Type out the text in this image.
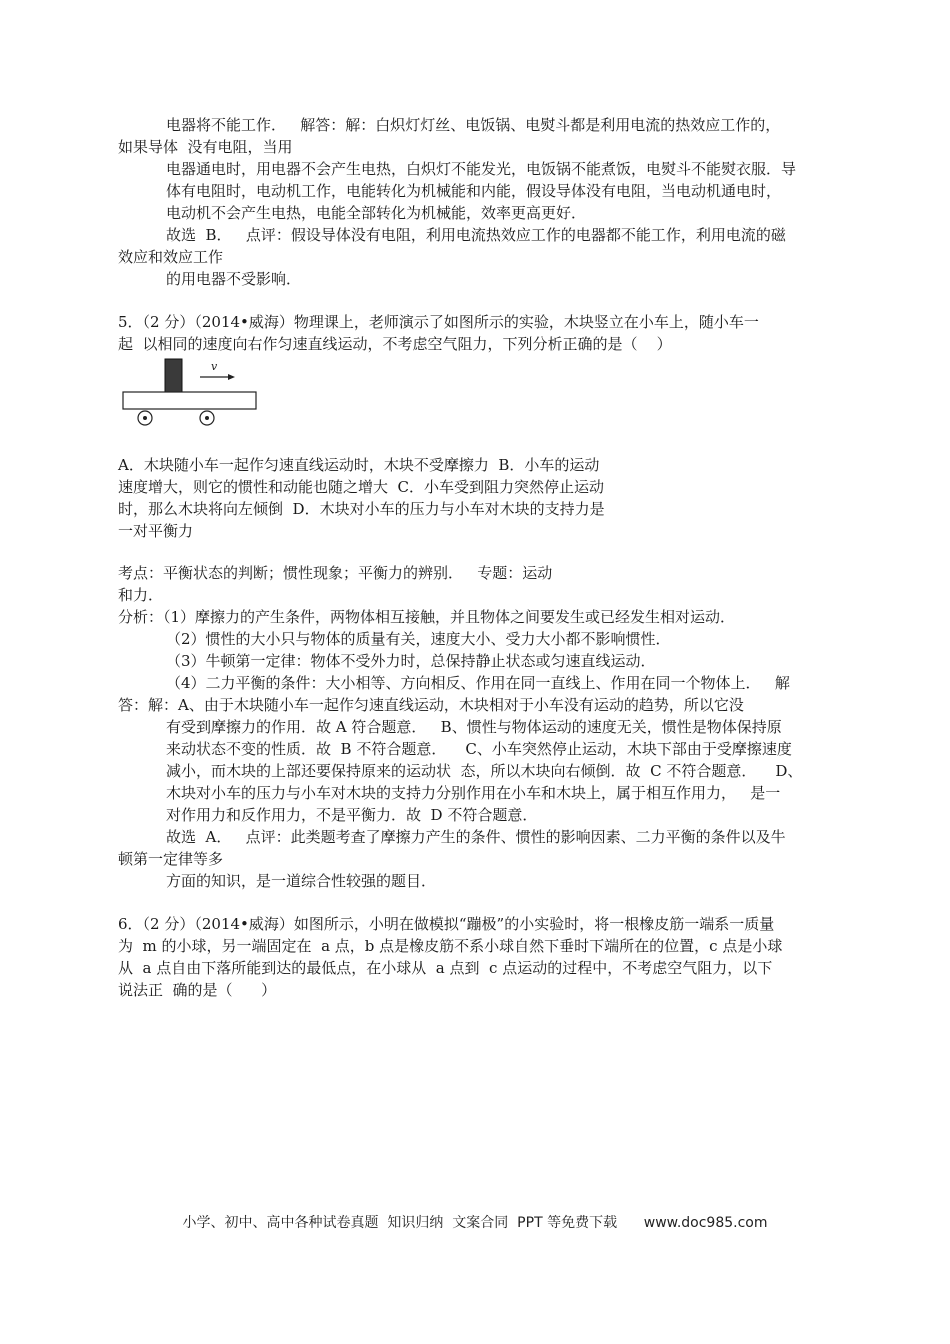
电器将不能工作．   解答：解：白炽灯灯丝、电饭锅、电熨斗都是利用电流的热效应工作的，
如果导体  没有电阻，当用
电器通电时，用电器不会产生电热，白炽灯不能发光，电饭锅不能煮饭，电熨斗不能熨衣服．导
体有电阻时，电动机工作，电能转化为机械能和内能，假设导体没有电阻，当电动机通电时，
电动机不会产生电热，电能全部转化为机械能，效率更高更好．
故选  B．   点评：假设导体没有电阻，利用电流热效应工作的电器都不能工作，利用电流的磁
效应和效应工作
的用电器不受影响．
5．（2 分）（2014•威海）物理课上，老师演示了如图所示的实验，木块竖立在小车上，随小车一
起  以相同的速度向右作匀速直线运动，不考虑空气阻力，下列分析正确的是（    ）
v
A．木块随小车一起作匀速直线运动时，木块不受摩擦力  B．小车的运动
速度增大，则它的惯性和动能也随之增大  C．小车受到阻力突然停止运动
时，那么木块将向左倾倒  D．木块对小车的压力与小车对木块的支持力是
一对平衡力
考点：平衡状态的判断；惯性现象；平衡力的辨别．   专题：运动
和力．
分析：（1）摩擦力的产生条件，两物体相互接触，并且物体之间要发生或已经发生相对运动．
（2）惯性的大小只与物体的质量有关，速度大小、受力大小都不影响惯性．
（3）牛顿第一定律：物体不受外力时，总保持静止状态或匀速直线运动．
（4）二力平衡的条件：大小相等、方向相反、作用在同一直线上、作用在同一个物体上．   解
答：解：A、由于木块随小车一起作匀速直线运动，木块相对于小车没有运动的趋势，所以它没
有受到摩擦力的作用．故 A 符合题意．   B、惯性与物体运动的速度无关，惯性是物体保持原
来动状态不变的性质．故  B 不符合题意．    C、小车突然停止运动，木块下部由于受摩擦速度
减小，而木块的上部还要保持原来的运动状  态，所以木块向右倾倒．故  C 不符合题意．    D、
木块对小车的压力与小车对木块的支持力分别作用在小车和木块上，属于相互作用力，   是一
对作用力和反作用力，不是平衡力．故  D 不符合题意．
故选  A．   点评：此类题考查了摩擦力产生的条件、惯性的影响因素、二力平衡的条件以及牛
顿第一定律等多
方面的知识，是一道综合性较强的题目．
6．（2 分）（2014•威海）如图所示，小明在做模拟“蹦极”的小实验时，将一根橡皮筋一端系一质量
为  m 的小球，另一端固定在  a 点，b 点是橡皮筋不系小球自然下垂时下端所在的位置，c 点是小球
从  a 点自由下落所能到达的最低点，在小球从  a 点到  c 点运动的过程中，不考虑空气阻力，以下
说法正  确的是（      ）
小学、初中、高中各种试卷真题  知识归纳  文案合同  PPT 等免费下载      www.doc985.com
